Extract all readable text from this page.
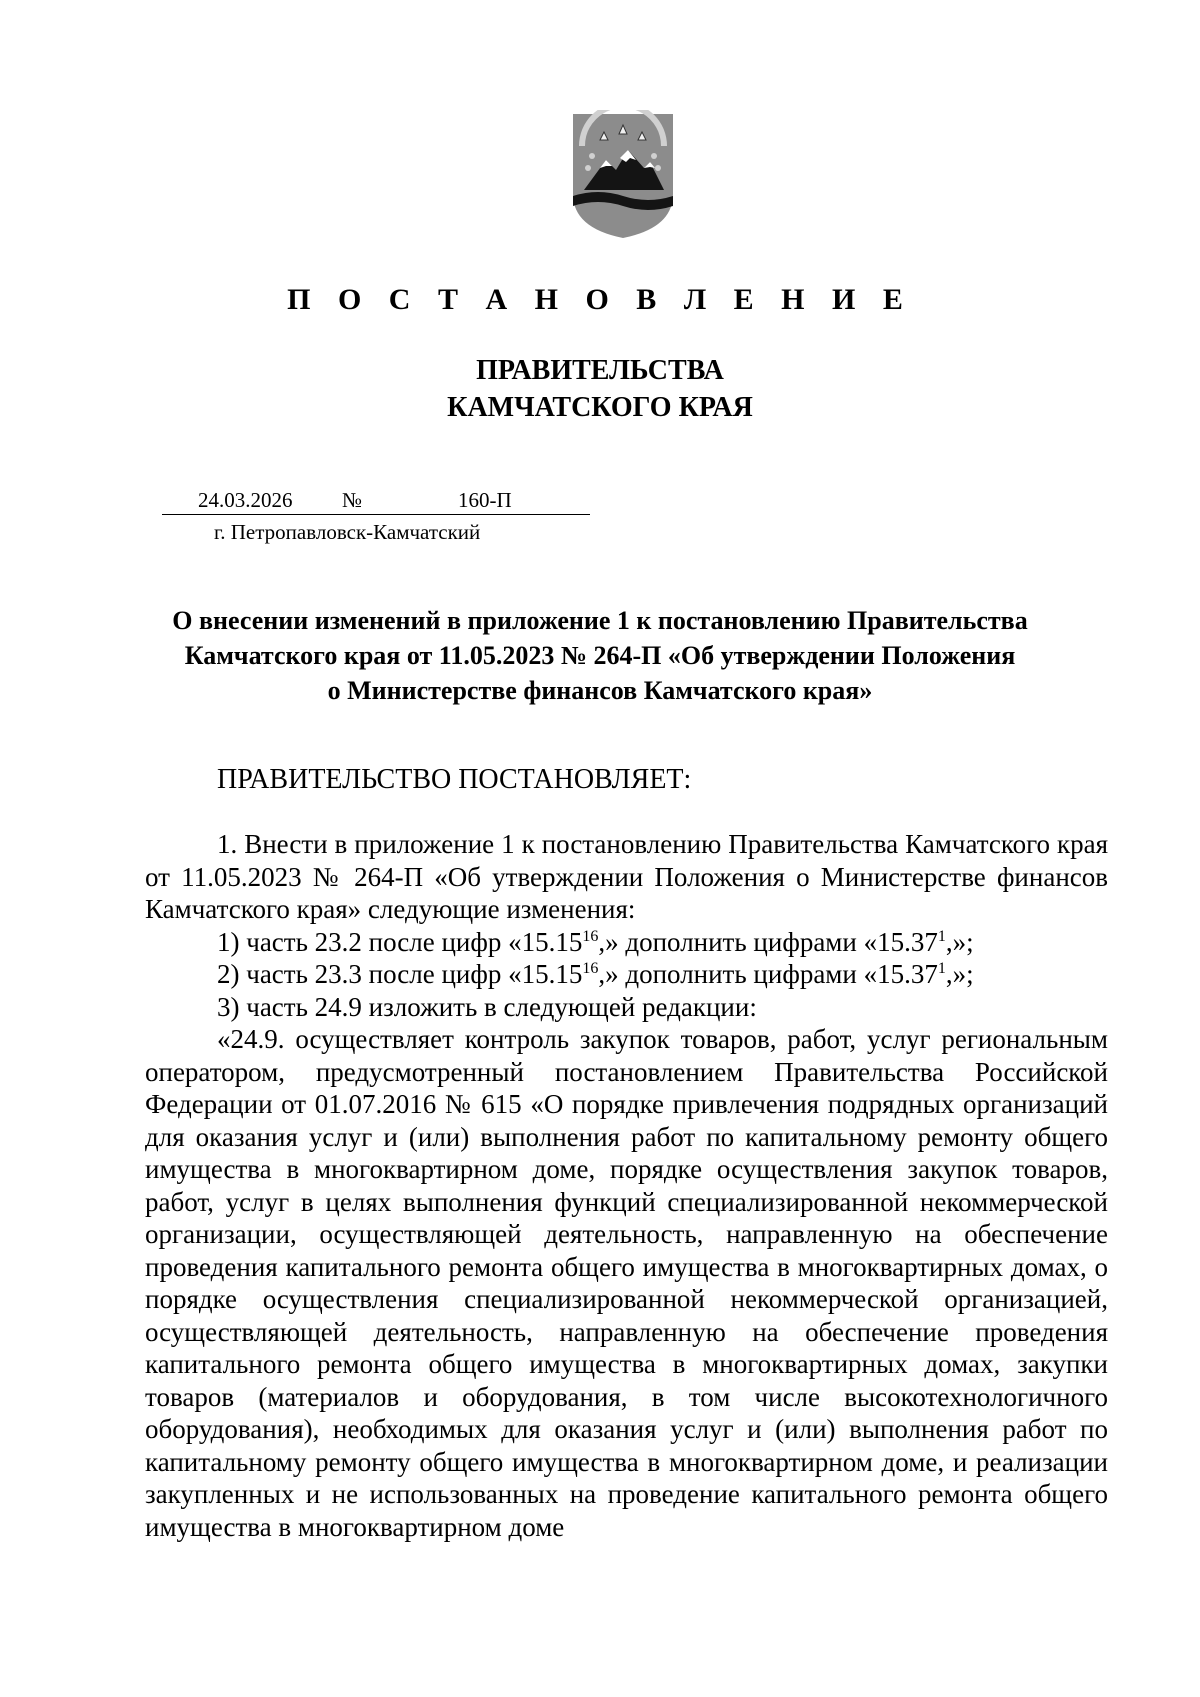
П О С Т А Н О В Л Е Н И Е
ПРАВИТЕЛЬСТВА
КАМЧАТСКОГО КРАЯ
24.03.2026 №	160-П
г. Петропавловск-Камчатский
О внесении изменений в приложение 1 к постановлению Правительства
Камчатского края от 11.05.2023 № 264-П «Об утверждении Положения
о Министерстве финансов Камчатского края»
ПРАВИТЕЛЬСТВО ПОСТАНОВЛЯЕТ:

1. Внести в приложение 1 к постановлению Правительства Камчатского края от 11.05.2023 № 264-П «Об утверждении Положения о Министерстве финансов Камчатского края» следующие изменения:

1) часть 23.2 после цифр «15.15$^{16}$,» дополнить цифрами «15.37$^1$,»;

2) часть 23.3 после цифр «15.15$^{16}$,» дополнить цифрами «15.37$^1$,»;

3) часть 24.9 изложить в следующей редакции:

«24.9. осуществляет контроль закупок товаров, работ, услуг региональным оператором, предусмотренный постановлением Правительства Российской Федерации от 01.07.2016 № 615 «О порядке привлечения подрядных организаций для оказания услуг и (или) выполнения работ по капитальному ремонту общего имущества в многоквартирном доме, порядке осуществления закупок товаров, работ, услуг в целях выполнения функций специализированной некоммерческой организации, осуществляющей деятельность, направленную на обеспечение проведения капитального ремонта общего имущества в многоквартирных домах, о порядке осуществления специализированной некоммерческой организацией, осуществляющей деятельность, направленную на обеспечение проведения капитального ремонта общего имущества в многоквартирных домах, закупки товаров (материалов и оборудования, в том числе высокотехнологичного оборудования), необходимых для оказания услуг и (или) выполнения работ по капитальному ремонту общего имущества в многоквартирном доме, и реализации закупленных и не использованных на проведение капитального ремонта общего имущества в многоквартирном доме
